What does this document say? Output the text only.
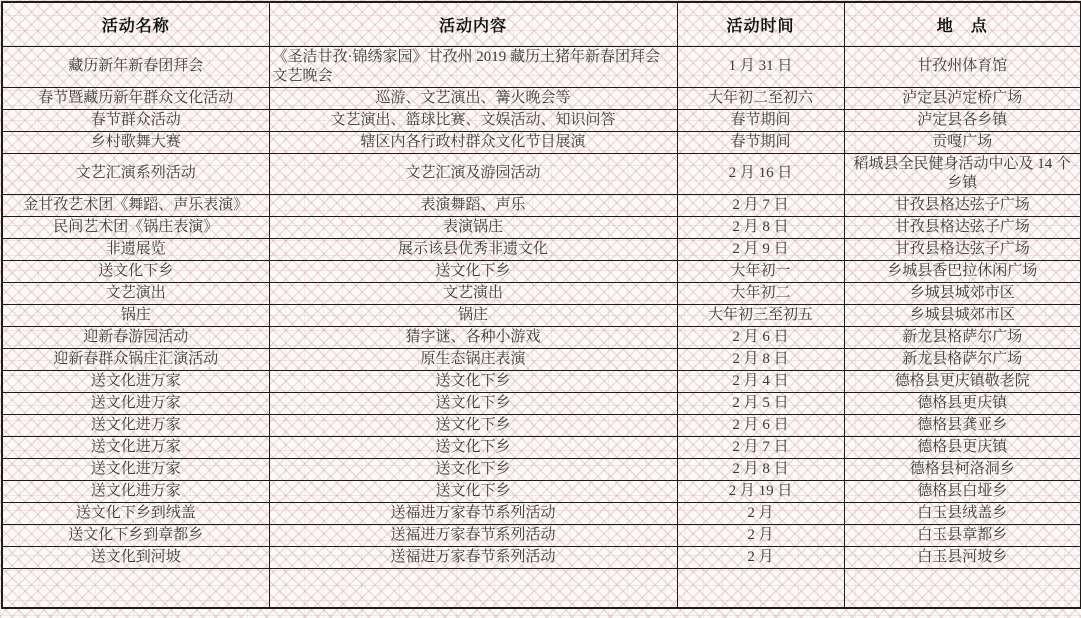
活动名称	活动内容	活动时间	地　点
藏历新年新春团拜会	《圣洁甘孜·锦绣家园》甘孜州 2019 藏历土猪年新春团拜会文艺晚会	1 月 31 日	甘孜州体育馆
春节暨藏历新年群众文化活动	巡游、文艺演出、篝火晚会等	大年初二至初六	泸定县泸定桥广场
春节群众活动	文艺演出、篮球比赛、文娱活动、知识问答	春节期间	泸定县各乡镇
乡村歌舞大赛	辖区内各行政村群众文化节目展演	春节期间	贡嘎广场
文艺汇演系列活动	文艺汇演及游园活动	2 月 16 日	稻城县全民健身活动中心及 14 个乡镇
金甘孜艺术团《舞蹈、声乐表演》	表演舞蹈、声乐	2 月 7 日	甘孜县格达弦子广场
民间艺术团《锅庄表演》	表演锅庄	2 月 8 日	甘孜县格达弦子广场
非遗展览	展示该县优秀非遗文化	2 月 9 日	甘孜县格达弦子广场
送文化下乡	送文化下乡	大年初一	乡城县香巴拉休闲广场
文艺演出	文艺演出	大年初二	乡城县城郊市区
锅庄	锅庄	大年初三至初五	乡城县城郊市区
迎新春游园活动	猜字谜、各种小游戏	2 月 6 日	新龙县格萨尔广场
迎新春群众锅庄汇演活动	原生态锅庄表演	2 月 8 日	新龙县格萨尔广场
送文化进万家	送文化下乡	2 月 4 日	德格县更庆镇敬老院
送文化进万家	送文化下乡	2 月 5 日	德格县更庆镇
送文化进万家	送文化下乡	2 月 6 日	德格县龚亚乡
送文化进万家	送文化下乡	2 月 7 日	德格县更庆镇
送文化进万家	送文化下乡	2 月 8 日	德格县柯洛洞乡
送文化进万家	送文化下乡	2 月 19 日	德格县白垭乡
送文化下乡到绒盖	送福进万家春节系列活动	2 月	白玉县绒盖乡
送文化下乡到章都乡	送福进万家春节系列活动	2 月	白玉县章都乡
送文化到河坡	送福进万家春节系列活动	2 月	白玉县河坡乡
